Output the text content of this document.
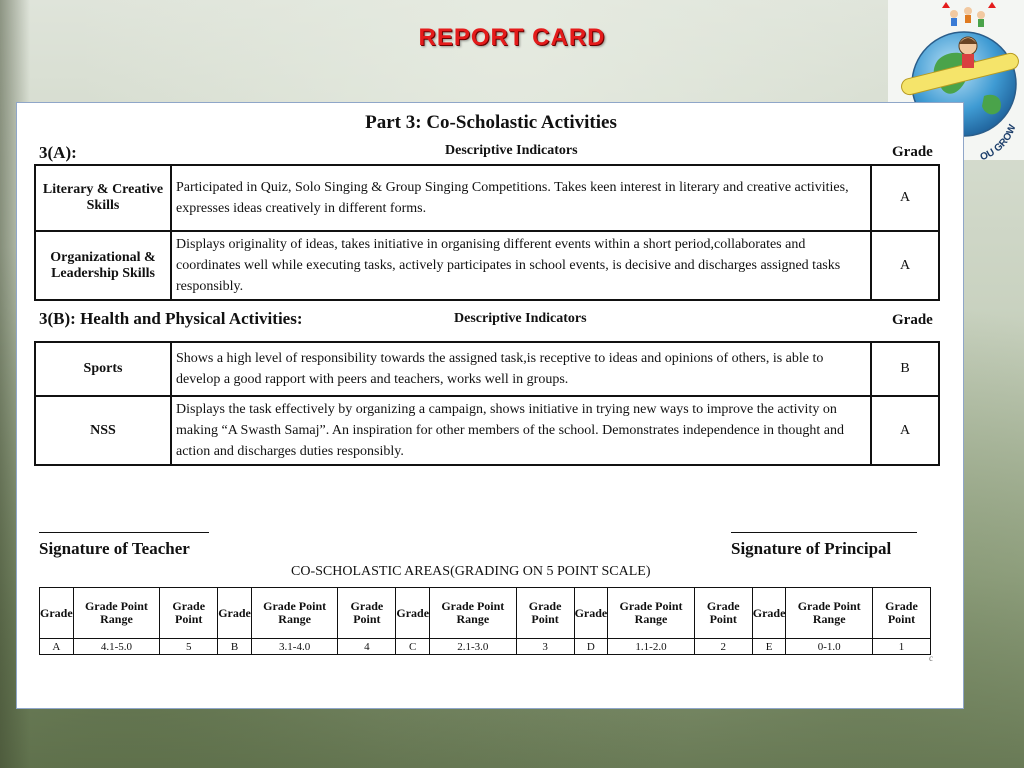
REPORT CARD
OU GROW
Part 3: Co-Scholastic Activities
3(A):	Descriptive Indicators	Grade
Literary & Creative Skills	Participated in Quiz, Solo Singing & Group Singing Competitions. Takes keen interest in literary and creative activities, expresses ideas creatively in different forms.	A
Organizational & Leadership Skills	Displays originality of ideas, takes initiative in organising different events within a short period,collaborates and coordinates well while executing tasks, actively participates in school events, is decisive and discharges assigned tasks responsibly.	A
3(B): Health and Physical Activities:	Descriptive Indicators	Grade
Sports	Shows a high level of responsibility towards the assigned task,is receptive to ideas and opinions of others, is able to develop a good rapport with peers and teachers, works well in groups.	B
NSS	Displays the task effectively by organizing a campaign, shows initiative in trying new ways to improve the activity on making “A Swasth Samaj”. An inspiration for other members of the school. Demonstrates independence in thought and action and discharges duties responsibly.	A
Signature of Teacher	Signature of Principal
CO-SCHOLASTIC AREAS(GRADING ON 5 POINT SCALE)
Grade	Grade Point Range	Grade Point	Grade	Grade Point Range	Grade Point	Grade	Grade Point Range	Grade Point	Grade	Grade Point Range	Grade Point	Grade	Grade Point Range	Grade Point
A	4.1-5.0	5	B	3.1-4.0	4	C	2.1-3.0	3	D	1.1-2.0	2	E	0-1.0	1
c
